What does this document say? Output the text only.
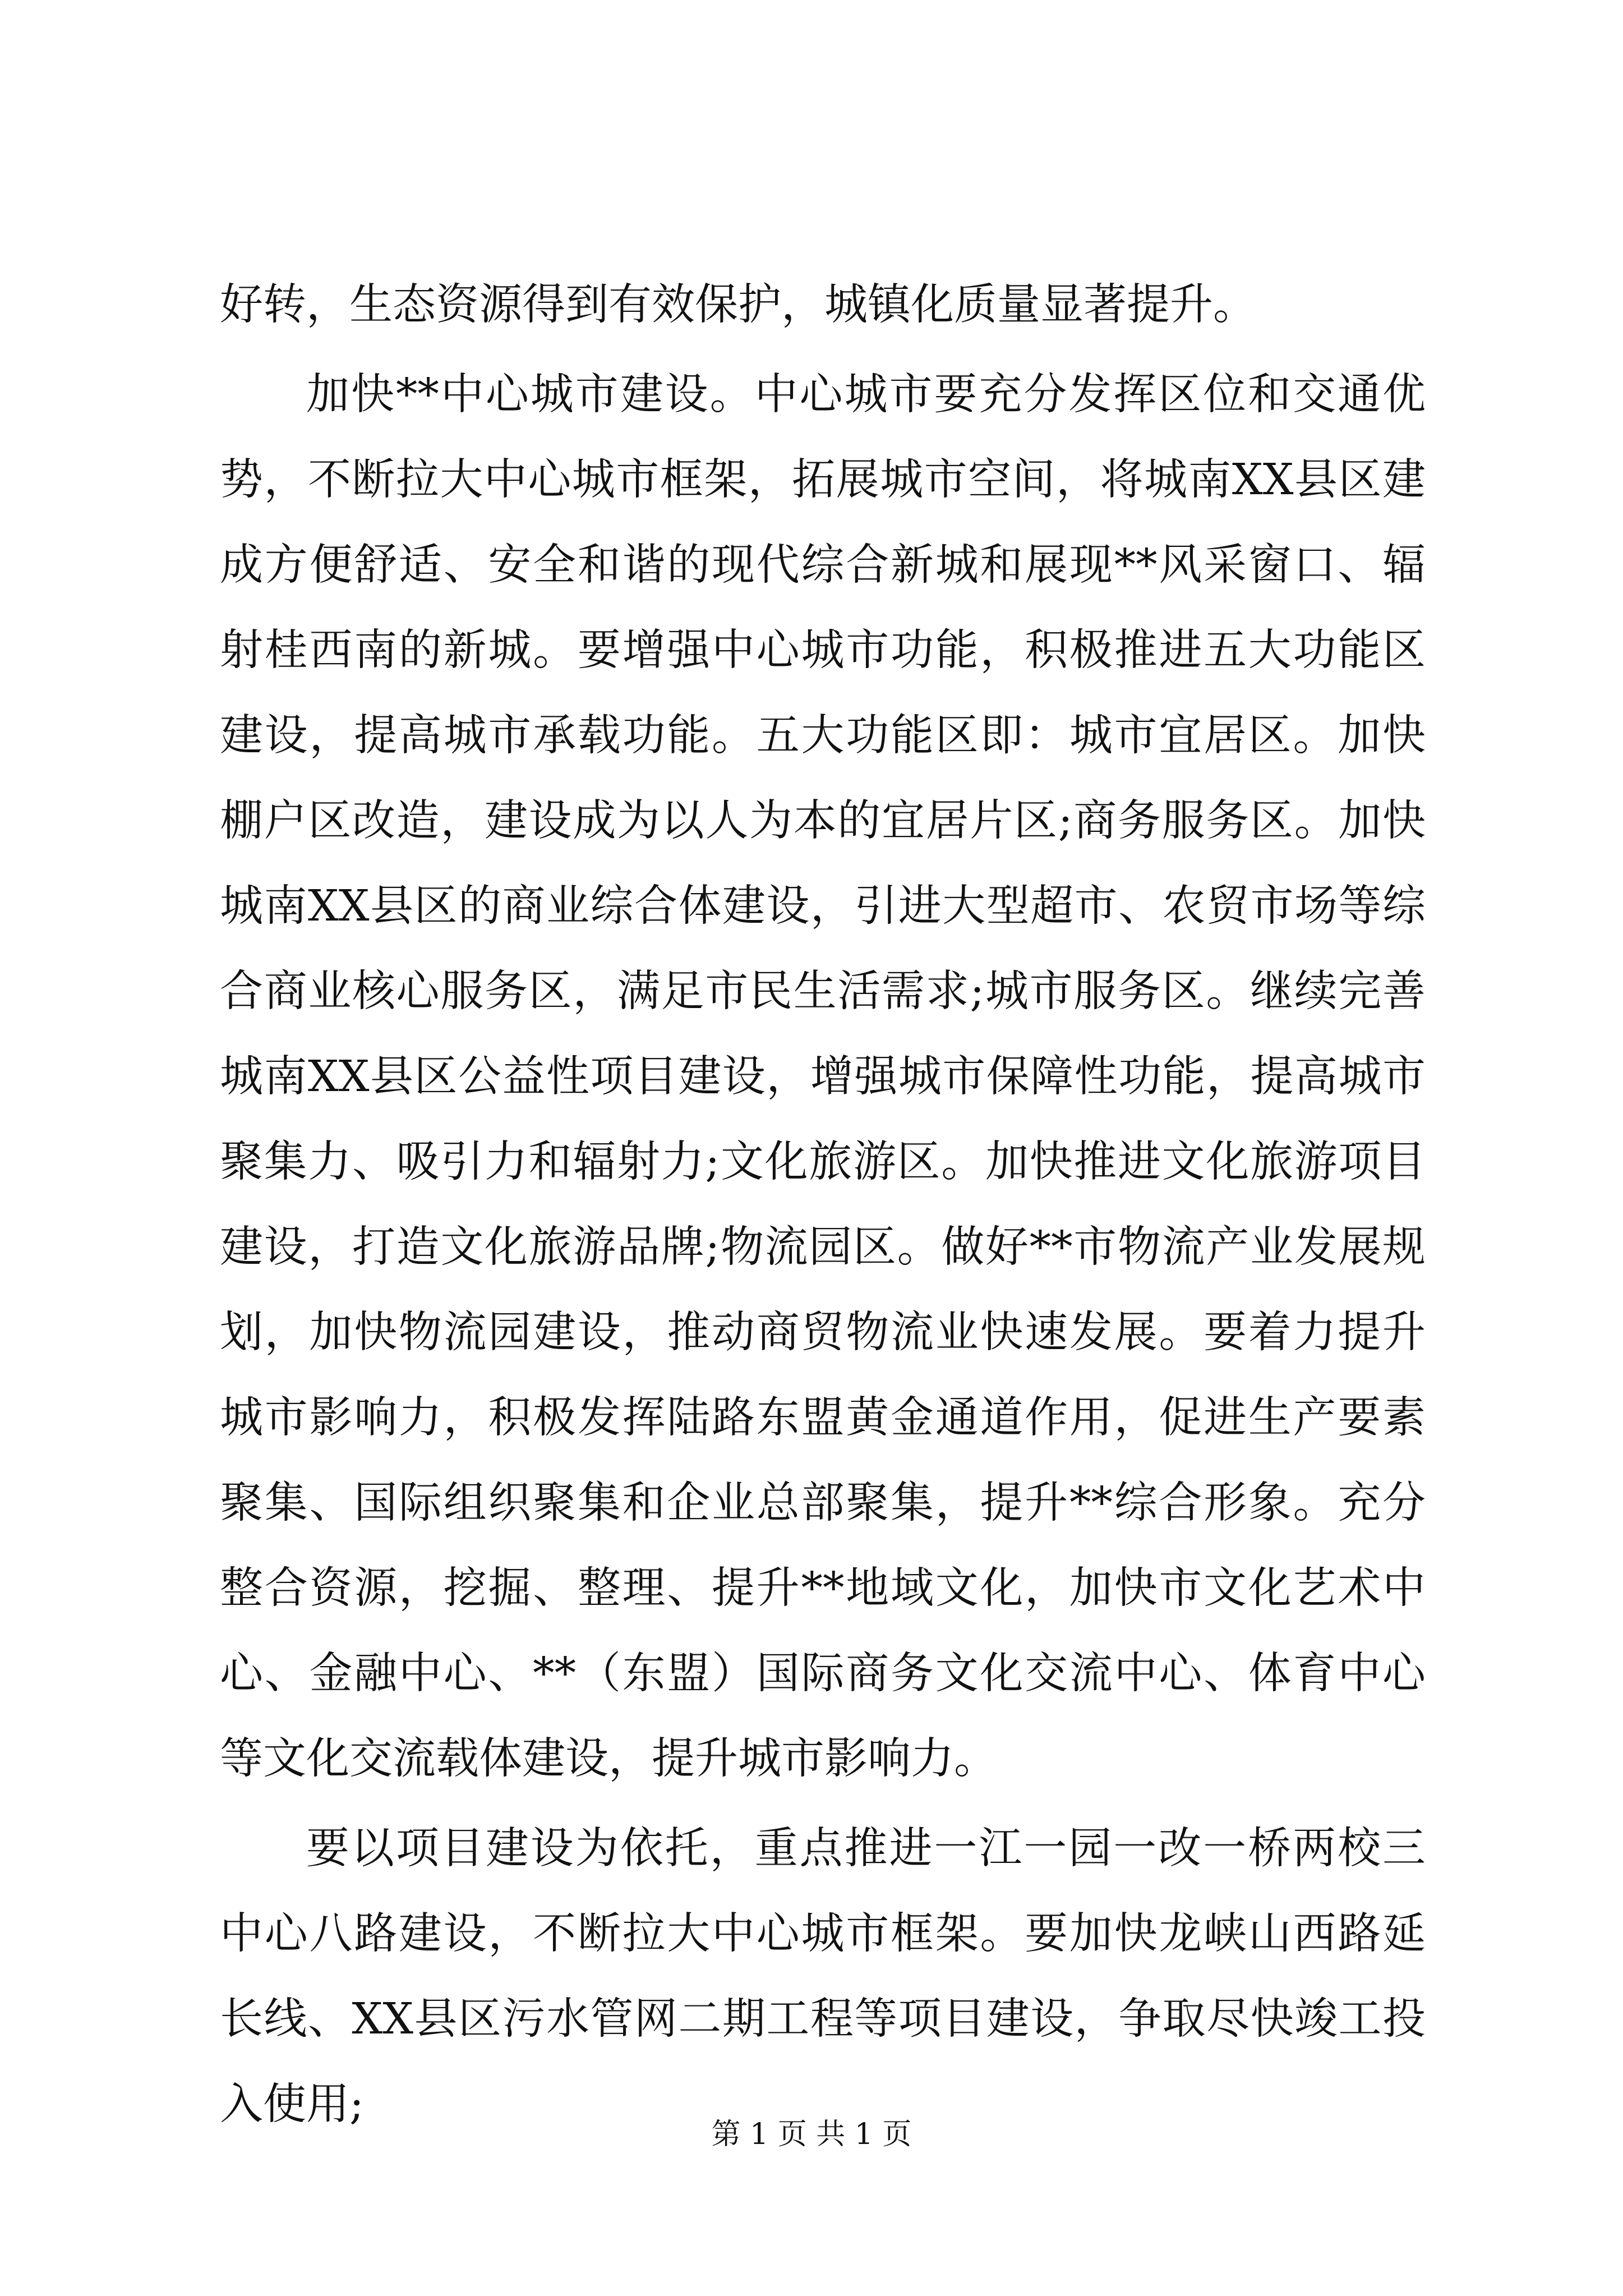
好转，生态资源得到有效保护，城镇化质量显著提升。

加快**中心城市建设。中心城市要充分发挥区位和交通优势，不断拉大中心城市框架，拓展城市空间，将城南XX县区建成方便舒适、安全和谐的现代综合新城和展现**风采窗口、辐射桂西南的新城。要增强中心城市功能，积极推进五大功能区建设，提高城市承载功能。五大功能区即：城市宜居区。加快棚户区改造，建设成为以人为本的宜居片区;商务服务区。加快城南XX县区的商业综合体建设，引进大型超市、农贸市场等综合商业核心服务区，满足市民生活需求;城市服务区。继续完善城南XX县区公益性项目建设，增强城市保障性功能，提高城市聚集力、吸引力和辐射力;文化旅游区。加快推进文化旅游项目建设，打造文化旅游品牌;物流园区。做好**市物流产业发展规划，加快物流园建设，推动商贸物流业快速发展。要着力提升城市影响力，积极发挥陆路东盟黄金通道作用，促进生产要素聚集、国际组织聚集和企业总部聚集，提升**综合形象。充分整合资源，挖掘、整理、提升**地域文化，加快市文化艺术中心、金融中心、**（东盟）国际商务文化交流中心、体育中心等文化交流载体建设，提升城市影响力。

要以项目建设为依托，重点推进一江一园一改一桥两校三中心八路建设，不断拉大中心城市框架。要加快龙峡山西路延长线、XX县区污水管网二期工程等项目建设，争取尽快竣工投入使用;

第 1 页 共 1 页
